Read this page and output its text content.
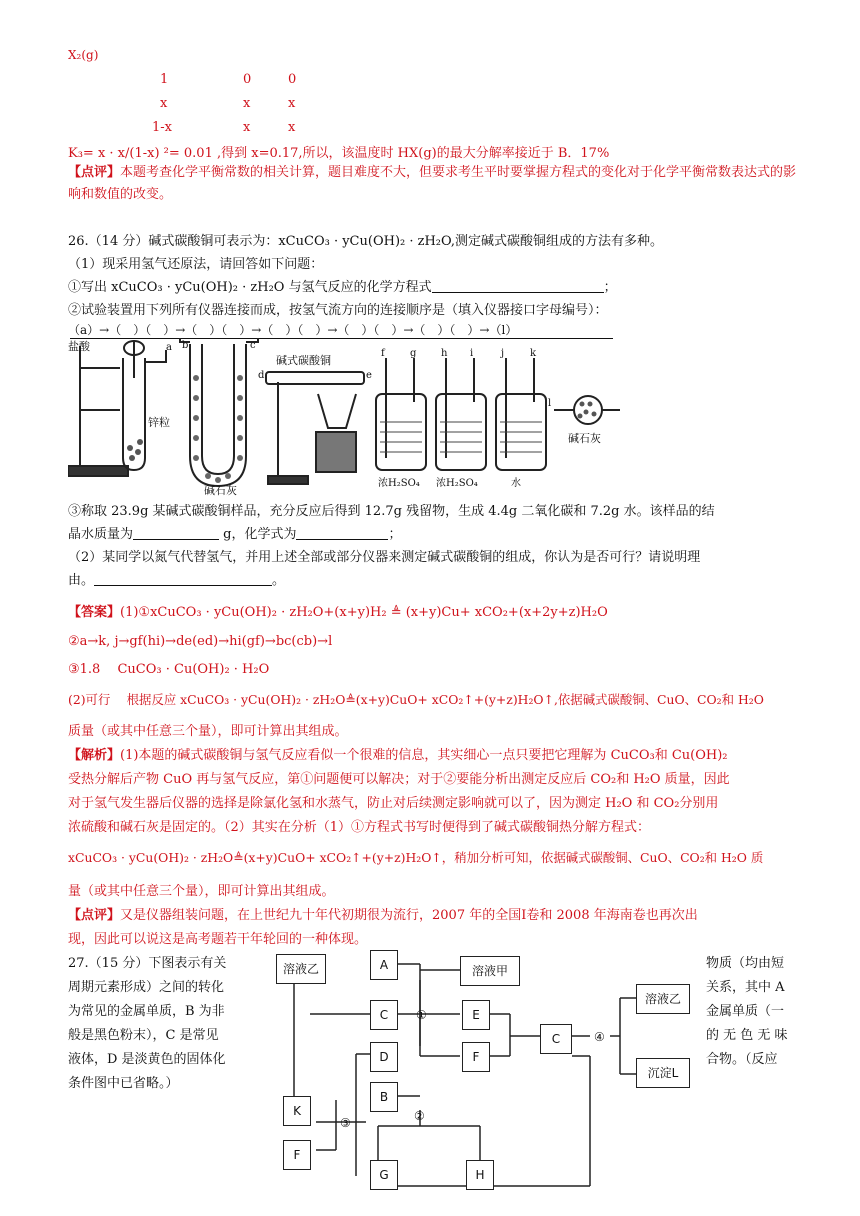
X₂(g)
1	0	0
x	x	x
1-x	x	x
K₃= x · x/(1-x) ²= 0.01 ,得到 x=0.17,所以，该温度时 HX(g)的最大分解率接近于 B．17%
【点评】本题考查化学平衡常数的相关计算，题目难度不大，但要求考生平时要掌握方程式的变化对于化学平衡常数表达式的影响和数值的改变。
26.（14 分）碱式碳酸铜可表示为：xCuCO₃ · yCu(OH)₂ · zH₂O,测定碱式碳酸铜组成的方法有多种。
（1）现采用氢气还原法，请回答如下问题：
①写出 xCuCO₃ · yCu(OH)₂ · zH₂O 与氢气反应的化学方程式	；
②试验装置用下列所有仪器连接而成，按氢气流方向的连接顺序是（填入仪器接口字母编号）：
（a）→（　）（　）→（　）（　）→（　）（　）→（　）（　）→（　）（　）→（l）
盐酸
锌粒
a b	c
碱石灰
碱式碳酸铜
d	e
f	g h i	j	k
浓H₂SO₄ 浓H₂SO₄	水
l
碱石灰
③称取 23.9g 某碱式碳酸铜样品，充分反应后得到 12.7g 残留物，生成 4.4g 二氧化碳和 7.2g 水。该样品的结
晶水质量为	g，化学式为	；
（2）某同学以氮气代替氢气，并用上述全部或部分仪器来测定碱式碳酸铜的组成，你认为是否可行？请说明理
由。	。
【答案】(1)①xCuCO₃ · yCu(OH)₂ · zH₂O+(x+y)H₂ ≜ (x+y)Cu+ xCO₂+(x+2y+z)H₂O
②a→k, j→gf(hi)→de(ed)→hi(gf)→bc(cb)→l
③1.8　 CuCO₃ · Cu(OH)₂ · H₂O
(2)可行　 根据反应 xCuCO₃ · yCu(OH)₂ · zH₂O≜(x+y)CuO+ xCO₂↑+(y+z)H₂O↑,依据碱式碳酸铜、CuO、CO₂和 H₂O
质量（或其中任意三个量），即可计算出其组成。
【解析】(1)本题的碱式碳酸铜与氢气反应看似一个很难的信息，其实细心一点只要把它理解为 CuCO₃和 Cu(OH)₂
受热分解后产物 CuO 再与氢气反应，第①问题便可以解决；对于②要能分析出测定反应后 CO₂和 H₂O 质量，因此
对于氢气发生器后仪器的选择是除氯化氢和水蒸气，防止对后续测定影响就可以了，因为测定 H₂O 和 CO₂分别用
浓硫酸和碱石灰是固定的。（2）其实在分析（1）①方程式书写时便得到了碱式碳酸铜热分解方程式：
xCuCO₃ · yCu(OH)₂ · zH₂O≜(x+y)CuO+ xCO₂↑+(y+z)H₂O↑，稍加分析可知，依据碱式碳酸铜、CuO、CO₂和 H₂O 质
量（或其中任意三个量），即可计算出其组成。
【点评】又是仪器组装问题，在上世纪九十年代初期很为流行，2007 年的全国Ⅰ卷和 2008 年海南卷也再次出
现，因此可以说这是高考题若干年轮回的一种体现。
27.（15 分）下图表示有关
周期元素形成）之间的转化
为常见的金属单质，B 为非
般是黑色粉末），C 是常见
液体，D 是淡黄色的固体化
条件图中已省略。）
物质（均由短
关系，其中 A
金属单质（一
的 无 色 无 味
合物。（反应
①
②
③
④
溶液乙	A	溶液甲
C	E
C
溶液乙
D	F
沉淀L
B
K
F
G	H
